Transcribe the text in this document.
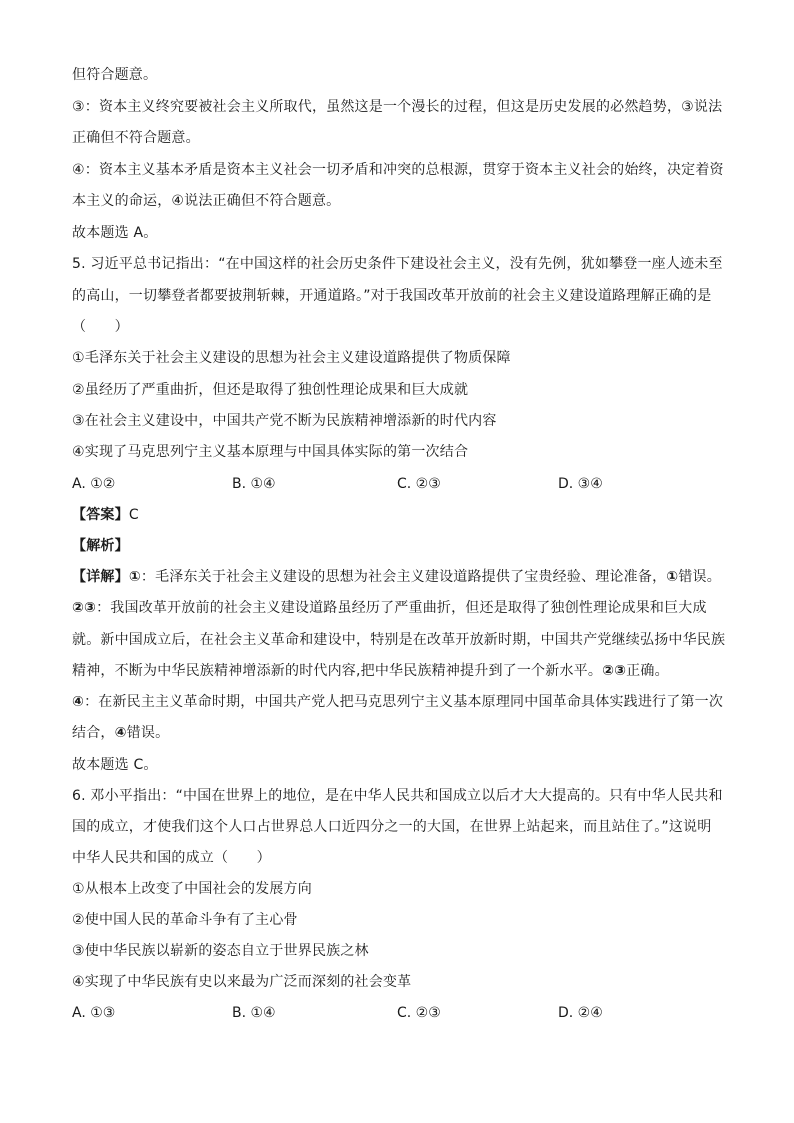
但符合题意。
③：资本主义终究要被社会主义所取代，虽然这是一个漫长的过程，但这是历史发展的必然趋势，③说法
正确但不符合题意。
④：资本主义基本矛盾是资本主义社会一切矛盾和冲突的总根源，贯穿于资本主义社会的始终，决定着资
本主义的命运，④说法正确但不符合题意。
故本题选 A。
5. 习近平总书记指出：“在中国这样的社会历史条件下建设社会主义，没有先例，犹如攀登一座人迹未至
的高山，一切攀登者都要披荆斩棘，开通道路。”对于我国改革开放前的社会主义建设道路理解正确的是
（　　）
①毛泽东关于社会主义建设的思想为社会主义建设道路提供了物质保障
②虽经历了严重曲折，但还是取得了独创性理论成果和巨大成就
③在社会主义建设中，中国共产党不断为民族精神增添新的时代内容
④实现了马克思列宁主义基本原理与中国具体实际的第一次结合
A. ①②	B. ①④	C. ②③	D. ③④
【答案】C
【解析】
【详解】①：毛泽东关于社会主义建设的思想为社会主义建设道路提供了宝贵经验、理论准备，①错误。
②③：我国改革开放前的社会主义建设道路虽经历了严重曲折，但还是取得了独创性理论成果和巨大成
就。新中国成立后，在社会主义革命和建设中，特别是在改革开放新时期，中国共产党继续弘扬中华民族
精神，不断为中华民族精神增添新的时代内容,把中华民族精神提升到了一个新水平。②③正确。
④：在新民主主义革命时期，中国共产党人把马克思列宁主义基本原理同中国革命具体实践进行了第一次
结合，④错误。
故本题选 C。
6. 邓小平指出：“中国在世界上的地位，是在中华人民共和国成立以后才大大提高的。只有中华人民共和
国的成立，才使我们这个人口占世界总人口近四分之一的大国，在世界上站起来，而且站住了。”这说明
中华人民共和国的成立（　　）
①从根本上改变了中国社会的发展方向
②使中国人民的革命斗争有了主心骨
③使中华民族以崭新的姿态自立于世界民族之林
④实现了中华民族有史以来最为广泛而深刻的社会变革
A. ①③	B. ①④	C. ②③	D. ②④
